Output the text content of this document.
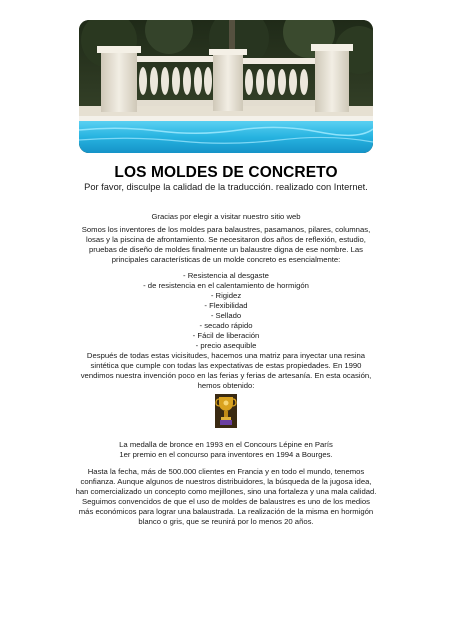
LOS MOLDES DE CONCRETO
Por favor, disculpe la calidad de la traducción. realizado con Internet.
Gracias por elegir a visitar nuestro sitio web
Somos los inventores de los moldes para balaustres, pasamanos, pilares, columnas,
losas y la piscina de afrontamiento. Se necesitaron dos años de reflexión, estudio,
pruebas de diseño de moldes finalmente un balaustre digna de ese nombre. Las
principales características de un molde concreto es esencialmente:
- Resistencia al desgaste
- de resistencia en el calentamiento de hormigón
- Rigidez
- Flexibilidad
- Sellado
- secado rápido
- Fácil de liberación
- precio asequible
Después de todas estas vicisitudes, hacemos una matriz para inyectar una resina
sintética que cumple con todas las expectativas de estas propiedades. En 1990
vendimos nuestra invención poco en las ferias y ferias de artesanía. En esta ocasión,
hemos obtenido:
La medalla de bronce en 1993 en el Concours Lépine en París
1er premio en el concurso para inventores en 1994 a Bourges.
Hasta la fecha, más de 500.000 clientes en Francia y en todo el mundo, tenemos
confianza. Aunque algunos de nuestros distribuidores, la búsqueda de la jugosa idea,
han comercializado un concepto como mejillones, sino una fortaleza y una mala calidad.
Seguimos convencidos de que el uso de moldes de balaustres es uno de los medios
más económicos para lograr una balaustrada. La realización de la misma en hormigón
blanco o gris, que se reunirá por lo menos 20 años.
